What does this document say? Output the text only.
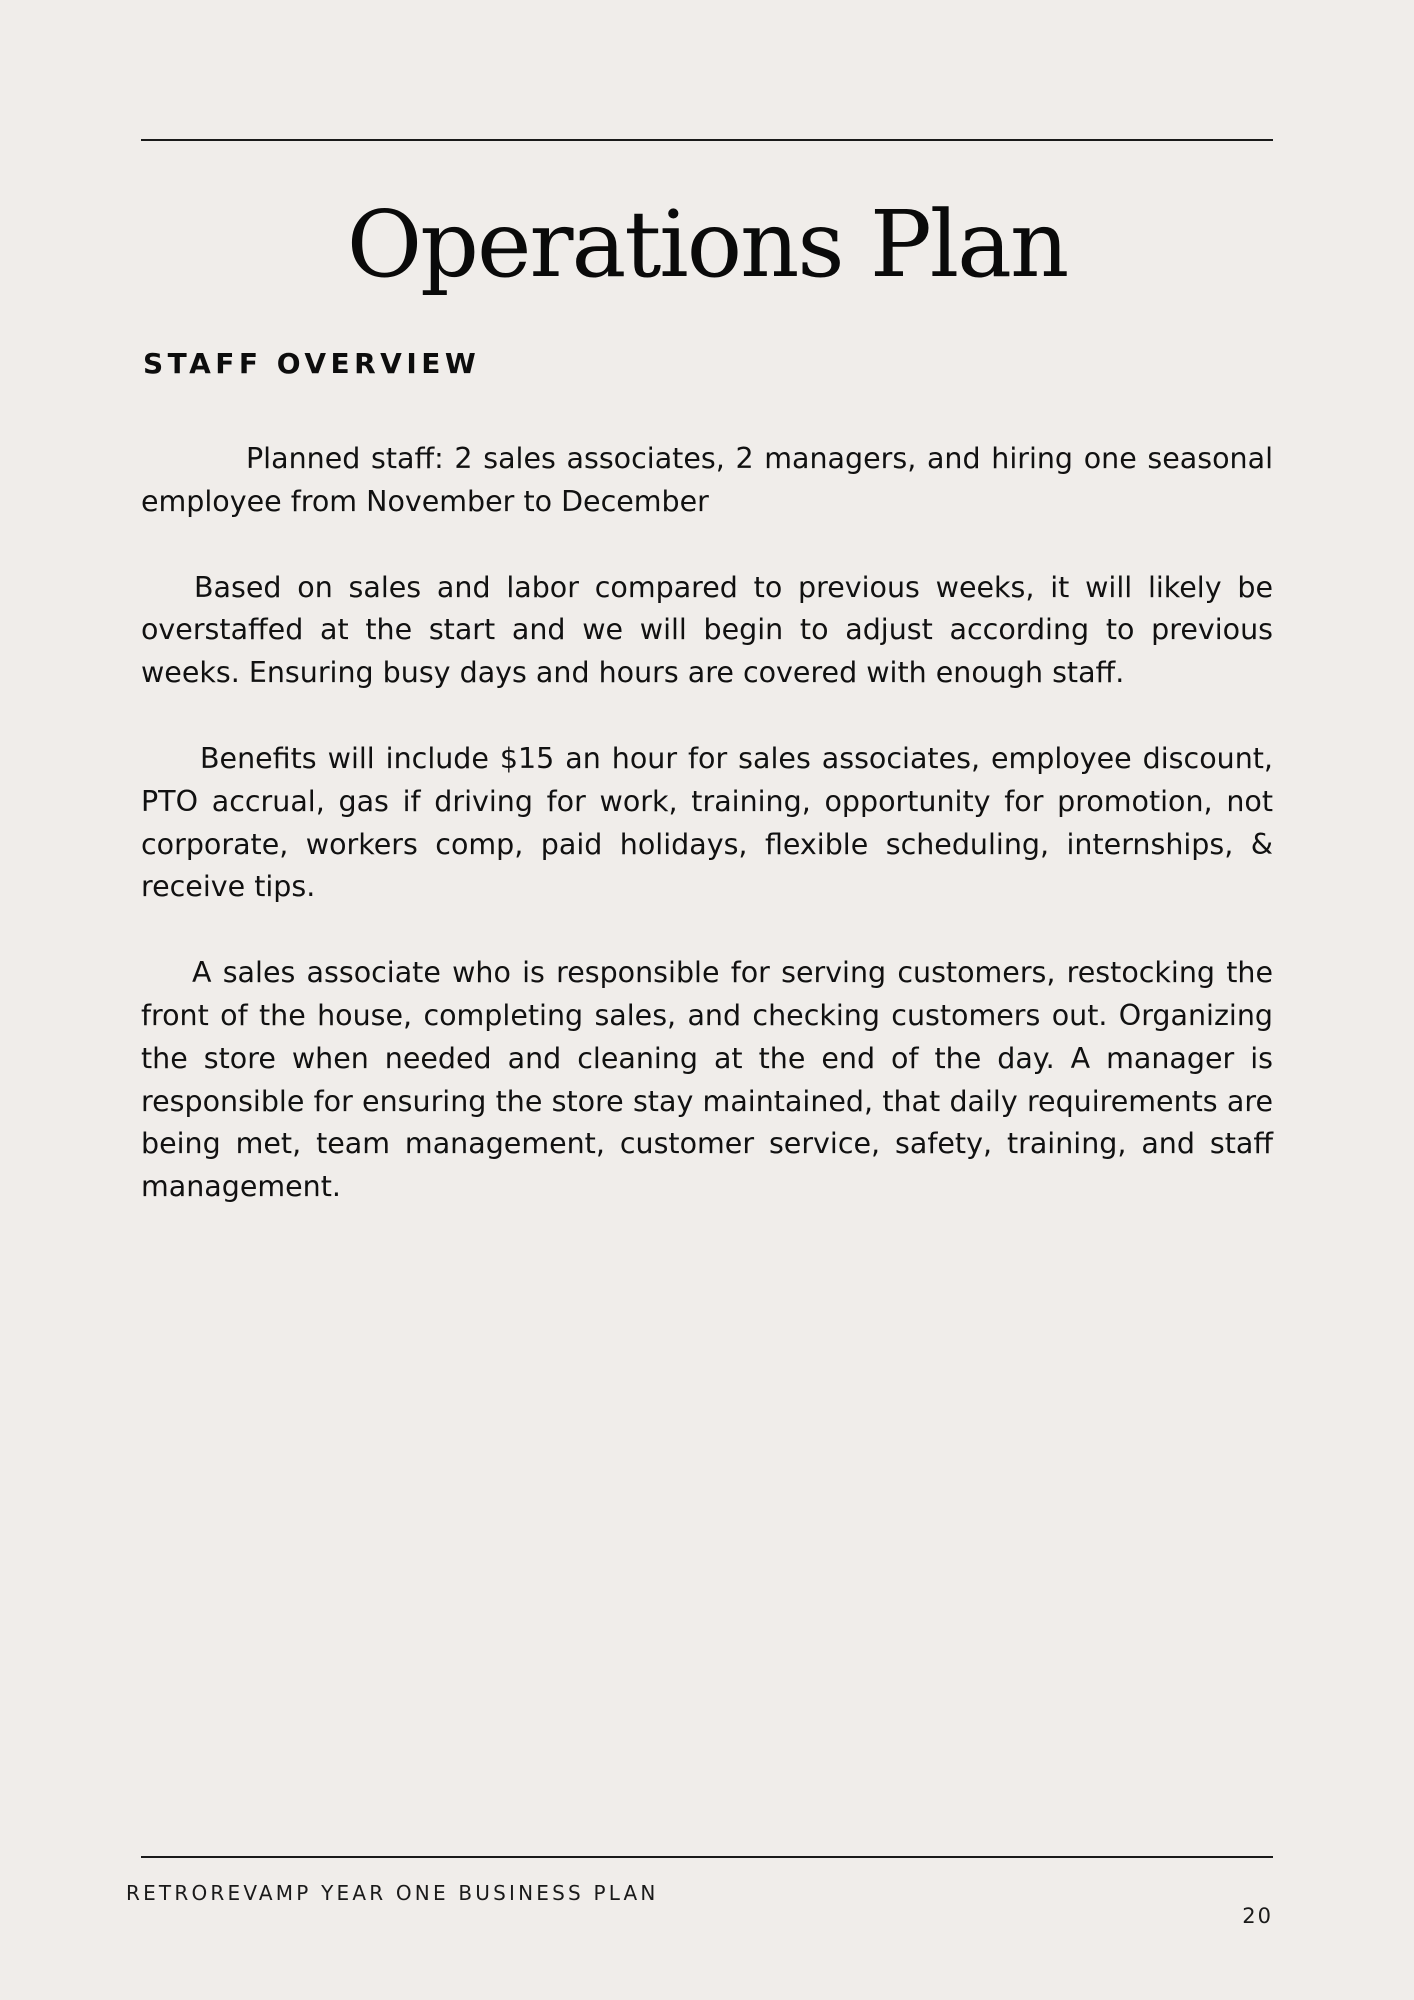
Operations Plan
STAFF OVERVIEW

Planned staff: 2 sales associates, 2 managers, and hiring one seasonal employee from November to December

Based on sales and labor compared to previous weeks, it will likely be overstaffed at the start and we will begin to adjust according to previous weeks. Ensuring busy days and hours are covered with enough staff.

Benefits will include $15 an hour for sales associates, employee discount, PTO accrual, gas if driving for work, training, opportunity for promotion, not corporate, workers comp, paid holidays, flexible scheduling, internships, & receive tips.

A sales associate who is responsible for serving customers, restocking the front of the house, completing sales, and checking customers out. Organizing the store when needed and cleaning at the end of the day. A manager is responsible for ensuring the store stay maintained, that daily requirements are being met, team management, customer service, safety, training, and staff management.

RETROREVAMP YEAR ONE BUSINESS PLAN
20
